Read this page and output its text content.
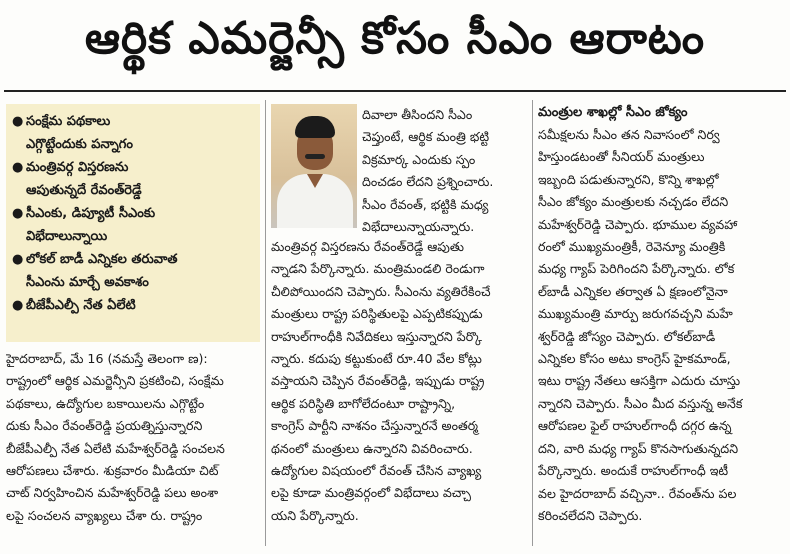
ఆర్థిక ఎమర్జెన్సీ కోసం సీఎం ఆరాటం
● సంక్షేమ పథకాలు
ఎగ్గొట్టేందుకు పన్నాగం
● మంత్రివర్గ విస్తరణను
ఆపుతున్నదే రేవంత్‌రెడ్డే
● సీఎంకు, డిప్యూటీ సీఎంకు
విభేదాలున్నాయి
● లోకల్ బాడీ ఎన్నికల తరువాత
సీఎంను మార్చే అవకాశం
● బీజేపీఎల్పీ నేత ఏలేటి

హైదరాబాద్, మే 16 (నమస్తే తెలంగా ణ):

రాష్ట్రంలో ఆర్థిక ఎమర్జెన్సీని ప్రకటించి, సంక్షేమ

పథకాలు, ఉద్యోగుల బకాయిలను ఎగ్గొట్టేం

దుకు సీఎం రేవంత్‌రెడ్డి ప్రయత్నిస్తున్నారని

బీజేపీఎల్పీ నేత ఏలేటి మహేశ్వర్‌రెడ్డి సంచలన

ఆరోపణలు చేశారు. శుక్రవారం మీడియా చిట్

చాట్ నిర్వహించిన మహేశ్వర్‌రెడ్డి పలు అంశా

లపై సంచలన వ్యాఖ్యలు చేశా రు. రాష్ట్రం

దివాలా తీసిందని సీఎం

చెప్తుంటే, ఆర్థిక మంత్రి భట్టి

విక్రమార్క ఎందుకు స్పం

దించడం లేదని ప్రశ్నించారు.

సీఎం రేవంత్, భట్టికి మధ్య

విభేదాలున్నాయన్నారు.

మంత్రివర్గ విస్తరణను రేవంత్‌రెడ్డే ఆపుతు

న్నాడని పేర్కొన్నారు. మంత్రిమండలి రెండుగా

చీలిపోయిందని చెప్పారు. సీఎంను వ్యతిరేకించే

మంత్రులు రాష్ట్ర పరిస్థితులపై ఎప్పటికప్పుడు

రాహుల్‌గాంధీకి నివేదికలు ఇస్తున్నారని పేర్కొ

న్నారు. కదుపు కట్టుకుంటే రూ.40 వేల కోట్లు

వస్తాయని చెప్పిన రేవంత్‌రెడ్డి, ఇప్పుడు రాష్ట్ర

ఆర్థిక పరిస్థితి బాగోలేదంటూ రాష్ట్రాన్ని,

కాంగ్రెస్ పార్టీని నాశనం చేస్తున్నారనే అంతర్మ

థనంలో మంత్రులు ఉన్నారని వివరించారు.

ఉద్యోగుల విషయంలో రేవంత్ చేసిన వ్యాఖ్య

లపై కూడా మంత్రివర్గంలో విభేదాలు వచ్చా

యని పేర్కొన్నారు.

మంత్రుల శాఖల్లో సీఎం జోక్యం

సమీక్షలను సీఎం తన నివాసంలో నిర్వ

హిస్తుండటంతో సీనియర్ మంత్రులు

ఇబ్బంది పడుతున్నారని, కొన్ని శాఖల్లో

సీఎం జోక్యం మంత్రులకు నచ్చడం లేదని

మహేశ్వర్‌రెడ్డి చెప్పారు. భూముల వ్యవహా

రంలో ముఖ్యమంత్రికీ, రెవెన్యూ మంత్రికి

మధ్య గ్యాప్ పెరిగిందని పేర్కొన్నారు. లోక

ల్‌బాడీ ఎన్నికల తర్వాత ఏ క్షణంలోనైనా

ముఖ్యమంత్రి మార్పు జరుగవచ్చని మహే

శ్వర్‌రెడ్డి జోస్యం చెప్పారు. లోకల్‌బాడీ

ఎన్నికల కోసం అటు కాంగ్రెస్ హైకమాండ్,

ఇటు రాష్ట్ర నేతలు ఆసక్తిగా ఎదురు చూస్తు

న్నారని చెప్పారు. సీఎం మీద వస్తున్న అనేక

ఆరోపణల ఫైల్ రాహుల్‌గాంధీ దగ్గర ఉన్న

దని, వారి మధ్య గ్యాప్ కొనసాగుతున్నదని

పేర్కొన్నారు. అందుకే రాహుల్‌గాంధీ ఇటీ

వల హైదరాబాద్ వచ్చినా.. రేవంత్‌ను పల

కరించలేదని చెప్పారు.
